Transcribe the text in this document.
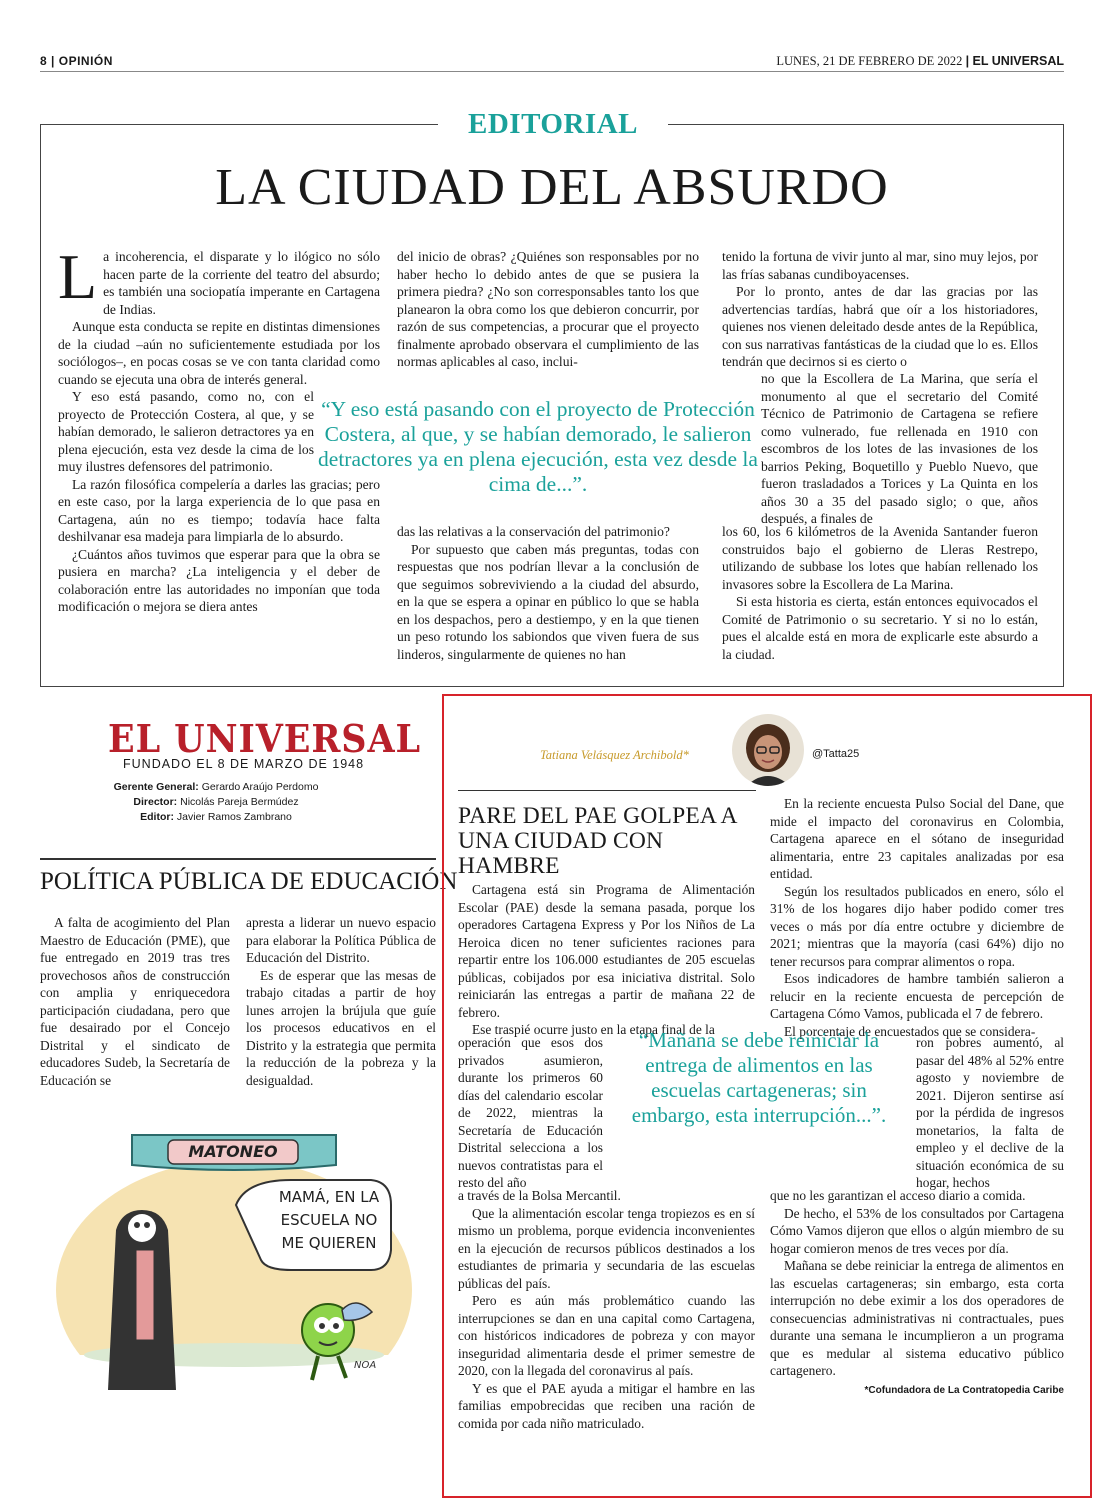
8 | OPINIÓN	LUNES, 21 DE FEBRERO DE 2022 | EL UNIVERSAL
EDITORIAL
LA CIUDAD DEL ABSURDO

La incoherencia, el disparate y lo ilógico no sólo hacen parte de la corriente del teatro del absurdo; es también una sociopatía imperante en Cartagena de Indias.

Aunque esta conducta se repite en distintas dimensiones de la ciudad –aún no suficientemente estudiada por los sociólogos–, en pocas cosas se ve con tanta claridad como cuando se ejecuta una obra de interés general.

Y eso está pasando, como no, con el proyecto de Protección Costera, al que, y se habían demorado, le salieron detractores ya en plena ejecución, esta vez desde la cima de los muy ilustres defensores del patrimonio.

La razón filosófica compelería a darles las gracias; pero en este caso, por la larga experiencia de lo que pasa en Cartagena, aún no es tiempo; todavía hace falta deshilvanar esa madeja para limpiarla de lo absurdo.

¿Cuántos años tuvimos que esperar para que la obra se pusiera en marcha? ¿La inteligencia y el deber de colaboración entre las autoridades no imponían que toda modificación o mejora se diera antes

del inicio de obras? ¿Quiénes son responsables por no haber hecho lo debido antes de que se pusiera la primera piedra? ¿No son corresponsables tanto los que planearon la obra como los que debieron concurrir, por razón de sus competencias, a procurar que el proyecto finalmente aprobado observara el cumplimiento de las normas aplicables al caso, inclui-

das las relativas a la conservación del patrimonio?

Por supuesto que caben más preguntas, todas con respuestas que nos podrían llevar a la conclusión de que seguimos sobreviviendo a la ciudad del absurdo, en la que se espera a opinar en público lo que se habla en los despachos, pero a destiempo, y en la que tienen un peso rotundo los sabiondos que viven fuera de sus linderos, singularmente de quienes no han

tenido la fortuna de vivir junto al mar, sino muy lejos, por las frías sabanas cundiboyacenses.

Por lo pronto, antes de dar las gracias por las advertencias tardías, habrá que oír a los historiadores, quienes nos vienen deleitado desde antes de la República, con sus narrativas fantásticas de la ciudad que lo es. Ellos tendrán que decirnos si es cierto o

no que la Escollera de La Marina, que sería el monumento al que el secretario del Comité Técnico de Patrimonio de Cartagena se refiere como vulnerado, fue rellenada en 1910 con escombros de los lotes de las invasiones de los barrios Peking, Boquetillo y Pueblo Nuevo, que fueron trasladados a Torices y La Quinta en los años 30 a 35 del pasado siglo; o que, años después, a finales de

los 60, los 6 kilómetros de la Avenida Santander fueron construidos bajo el gobierno de Lleras Restrepo, utilizando de subbase los lotes que habían rellenado los invasores sobre la Escollera de La Marina.

Si esta historia es cierta, están entonces equivocados el Comité de Patrimonio o su secretario. Y si no lo están, pues el alcalde está en mora de explicarle este absurdo a la ciudad.

“Y eso está pasando con el proyecto de Protección Costera, al que, y se habían demorado, le salieron detractores ya en plena ejecución, esta vez desde la cima de...”.
EL UNIVERSAL
FUNDADO EL 8 DE MARZO DE 1948
Gerente General: Gerardo Araújo Perdomo
Director: Nicolás Pareja Bermúdez
Editor: Javier Ramos Zambrano
POLÍTICA PÚBLICA DE EDUCACIÓN

A falta de acogimiento del Plan Maestro de Educación (PME), que fue entregado en 2019 tras tres provechosos años de construcción con amplia y enriquecedora participación ciudadana, pero que fue desairado por el Concejo Distrital y el sindicato de educadores Sudeb, la Secretaría de Educación se

apresta a liderar un nuevo espacio para elaborar la Política Pública de Educación del Distrito.

Es de esperar que las mesas de trabajo citadas a partir de hoy lunes arrojen la brújula que guíe los procesos educativos en el Distrito y la estrategia que permita la reducción de la pobreza y la desigualdad.

MATONEO
MAMÁ, EN LA
ESCUELA NO
ME QUIEREN
NOA
Tatiana Velásquez Archibold*	@Tatta25
PARE DEL PAE GOLPEA A UNA CIUDAD CON HAMBRE

Cartagena está sin Programa de Alimentación Escolar (PAE) desde la semana pasada, porque los operadores Cartagena Express y Por los Niños de La Heroica dicen no tener suficientes raciones para repartir entre los 106.000 estudiantes de 205 escuelas públicas, cobijados por esa iniciativa distrital. Solo reiniciarán las entregas a partir de mañana 22 de febrero.

Ese traspié ocurre justo en la etapa final de la

operación que esos dos privados asumieron, durante los primeros 60 días del calendario escolar de 2022, mientras la Secretaría de Educación Distrital selecciona a los nuevos contratistas para el resto del año

a través de la Bolsa Mercantil.

Que la alimentación escolar tenga tropiezos es en sí mismo un problema, porque evidencia inconvenientes en la ejecución de recursos públicos destinados a los estudiantes de primaria y secundaria de las escuelas públicas del país.

Pero es aún más problemático cuando las interrupciones se dan en una capital como Cartagena, con históricos indicadores de pobreza y con mayor inseguridad alimentaria desde el primer semestre de 2020, con la llegada del coronavirus al país.

Y es que el PAE ayuda a mitigar el hambre en las familias empobrecidas que reciben una ración de comida por cada niño matriculado.

En la reciente encuesta Pulso Social del Dane, que mide el impacto del coronavirus en Colombia, Cartagena aparece en el sótano de inseguridad alimentaria, entre 23 capitales analizadas por esa entidad.

Según los resultados publicados en enero, sólo el 31% de los hogares dijo haber podido comer tres veces o más por día entre octubre y diciembre de 2021; mientras que la mayoría (casi 64%) dijo no tener recursos para comprar alimentos o ropa.

Esos indicadores de hambre también salieron a relucir en la reciente encuesta de percepción de Cartagena Cómo Vamos, publicada el 7 de febrero.

El porcentaje de encuestados que se considera-

ron pobres aumentó, al pasar del 48% al 52% entre agosto y noviembre de 2021. Dijeron sentirse así por la pérdida de ingresos monetarios, la falta de empleo y el declive de la situación económica de su hogar, hechos

que no les garantizan el acceso diario a comida.

De hecho, el 53% de los consultados por Cartagena Cómo Vamos dijeron que ellos o algún miembro de su hogar comieron menos de tres veces por día.

Mañana se debe reiniciar la entrega de alimentos en las escuelas cartageneras; sin embargo, esta corta interrupción no debe eximir a los dos operadores de consecuencias administrativas ni contractuales, pues durante una semana le incumplieron a un programa que es medular al sistema educativo público cartagenero.

“Mañana se debe reiniciar la entrega de alimentos en las escuelas cartageneras; sin embargo, esta interrupción...”.
*Cofundadora de La Contratopedia Caribe
